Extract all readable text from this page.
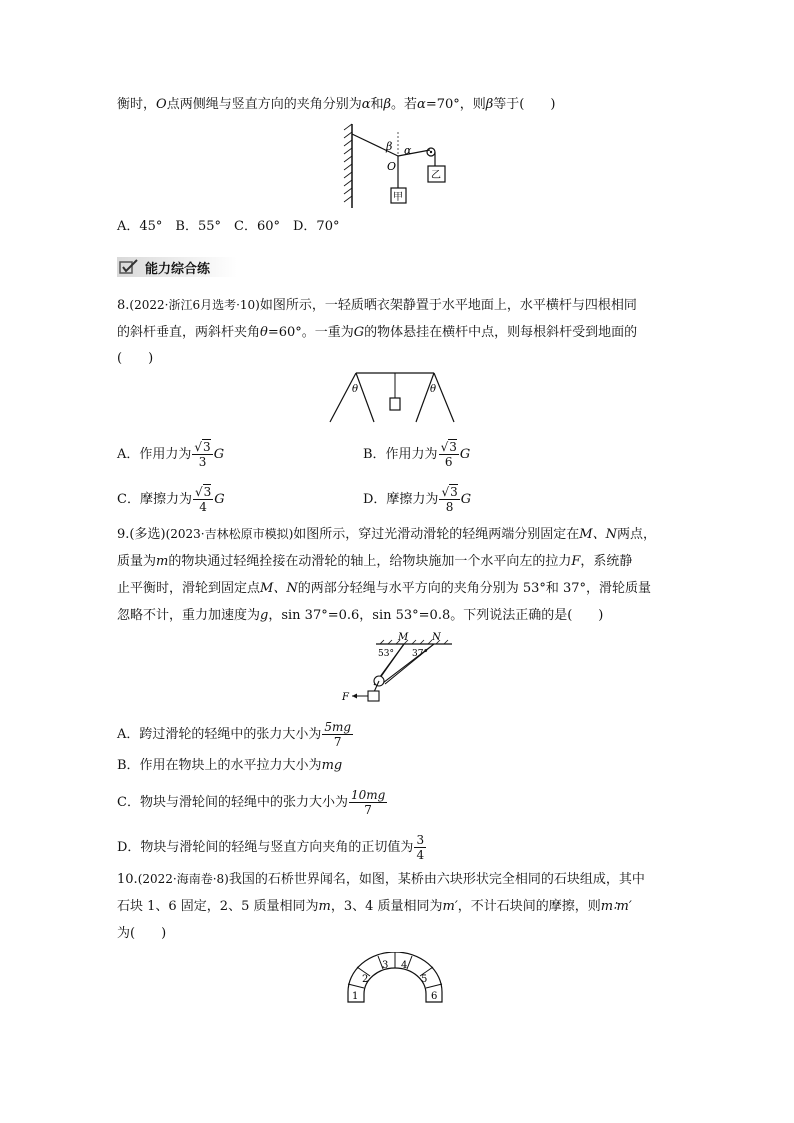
衡时，O点两侧绳与竖直方向的夹角分别为α和β。若α=70°，则β等于(　　)
β α
O
甲
乙
A．45°　B．55°　C．60°　D．70°
能力综合练
8.(2022·浙江6月选考·10)如图所示，一轻质晒衣架静置于水平地面上，水平横杆与四根相同
的斜杆垂直，两斜杆夹角θ=60°。一重为G的物体悬挂在横杆中点，则每根斜杆受到地面的
(　　)
θ	θ
A．作用力为 $\frac{√3}{3}$ G	B．作用力为 $\frac{√3}{6}$ G
C．摩擦力为 $\frac{√3}{4}$ G	D．摩擦力为 $\frac{√3}{8}$ G
9.(多选)(2023·吉林松原市模拟)如图所示，穿过光滑动滑轮的轻绳两端分别固定在M、N两点，
质量为m的物块通过轻绳拴接在动滑轮的轴上，给物块施加一个水平向左的拉力F，系统静
止平衡时，滑轮到固定点M、N的两部分轻绳与水平方向的夹角分别为 53°和 37°，滑轮质量
忽略不计，重力加速度为g，sin 37°=0.6，sin 53°=0.8。下列说法正确的是(　　)
M N
53° 37°
F
A．跨过滑轮的轻绳中的张力大小为 $\frac{5mg}{7}$
B．作用在物块上的水平拉力大小为mg
C．物块与滑轮间的轻绳中的张力大小为 $\frac{10mg}{7}$
D．物块与滑轮间的轻绳与竖直方向夹角的正切值为 $\frac{3}{4}$
10.(2022·海南卷·8)我国的石桥世界闻名，如图，某桥由六块形状完全相同的石块组成，其中
石块 1、6 固定，2、5 质量相同为m，3、4 质量相同为m′，不计石块间的摩擦，则m∶m′
为(　　)
1
2
3 4
5
6
